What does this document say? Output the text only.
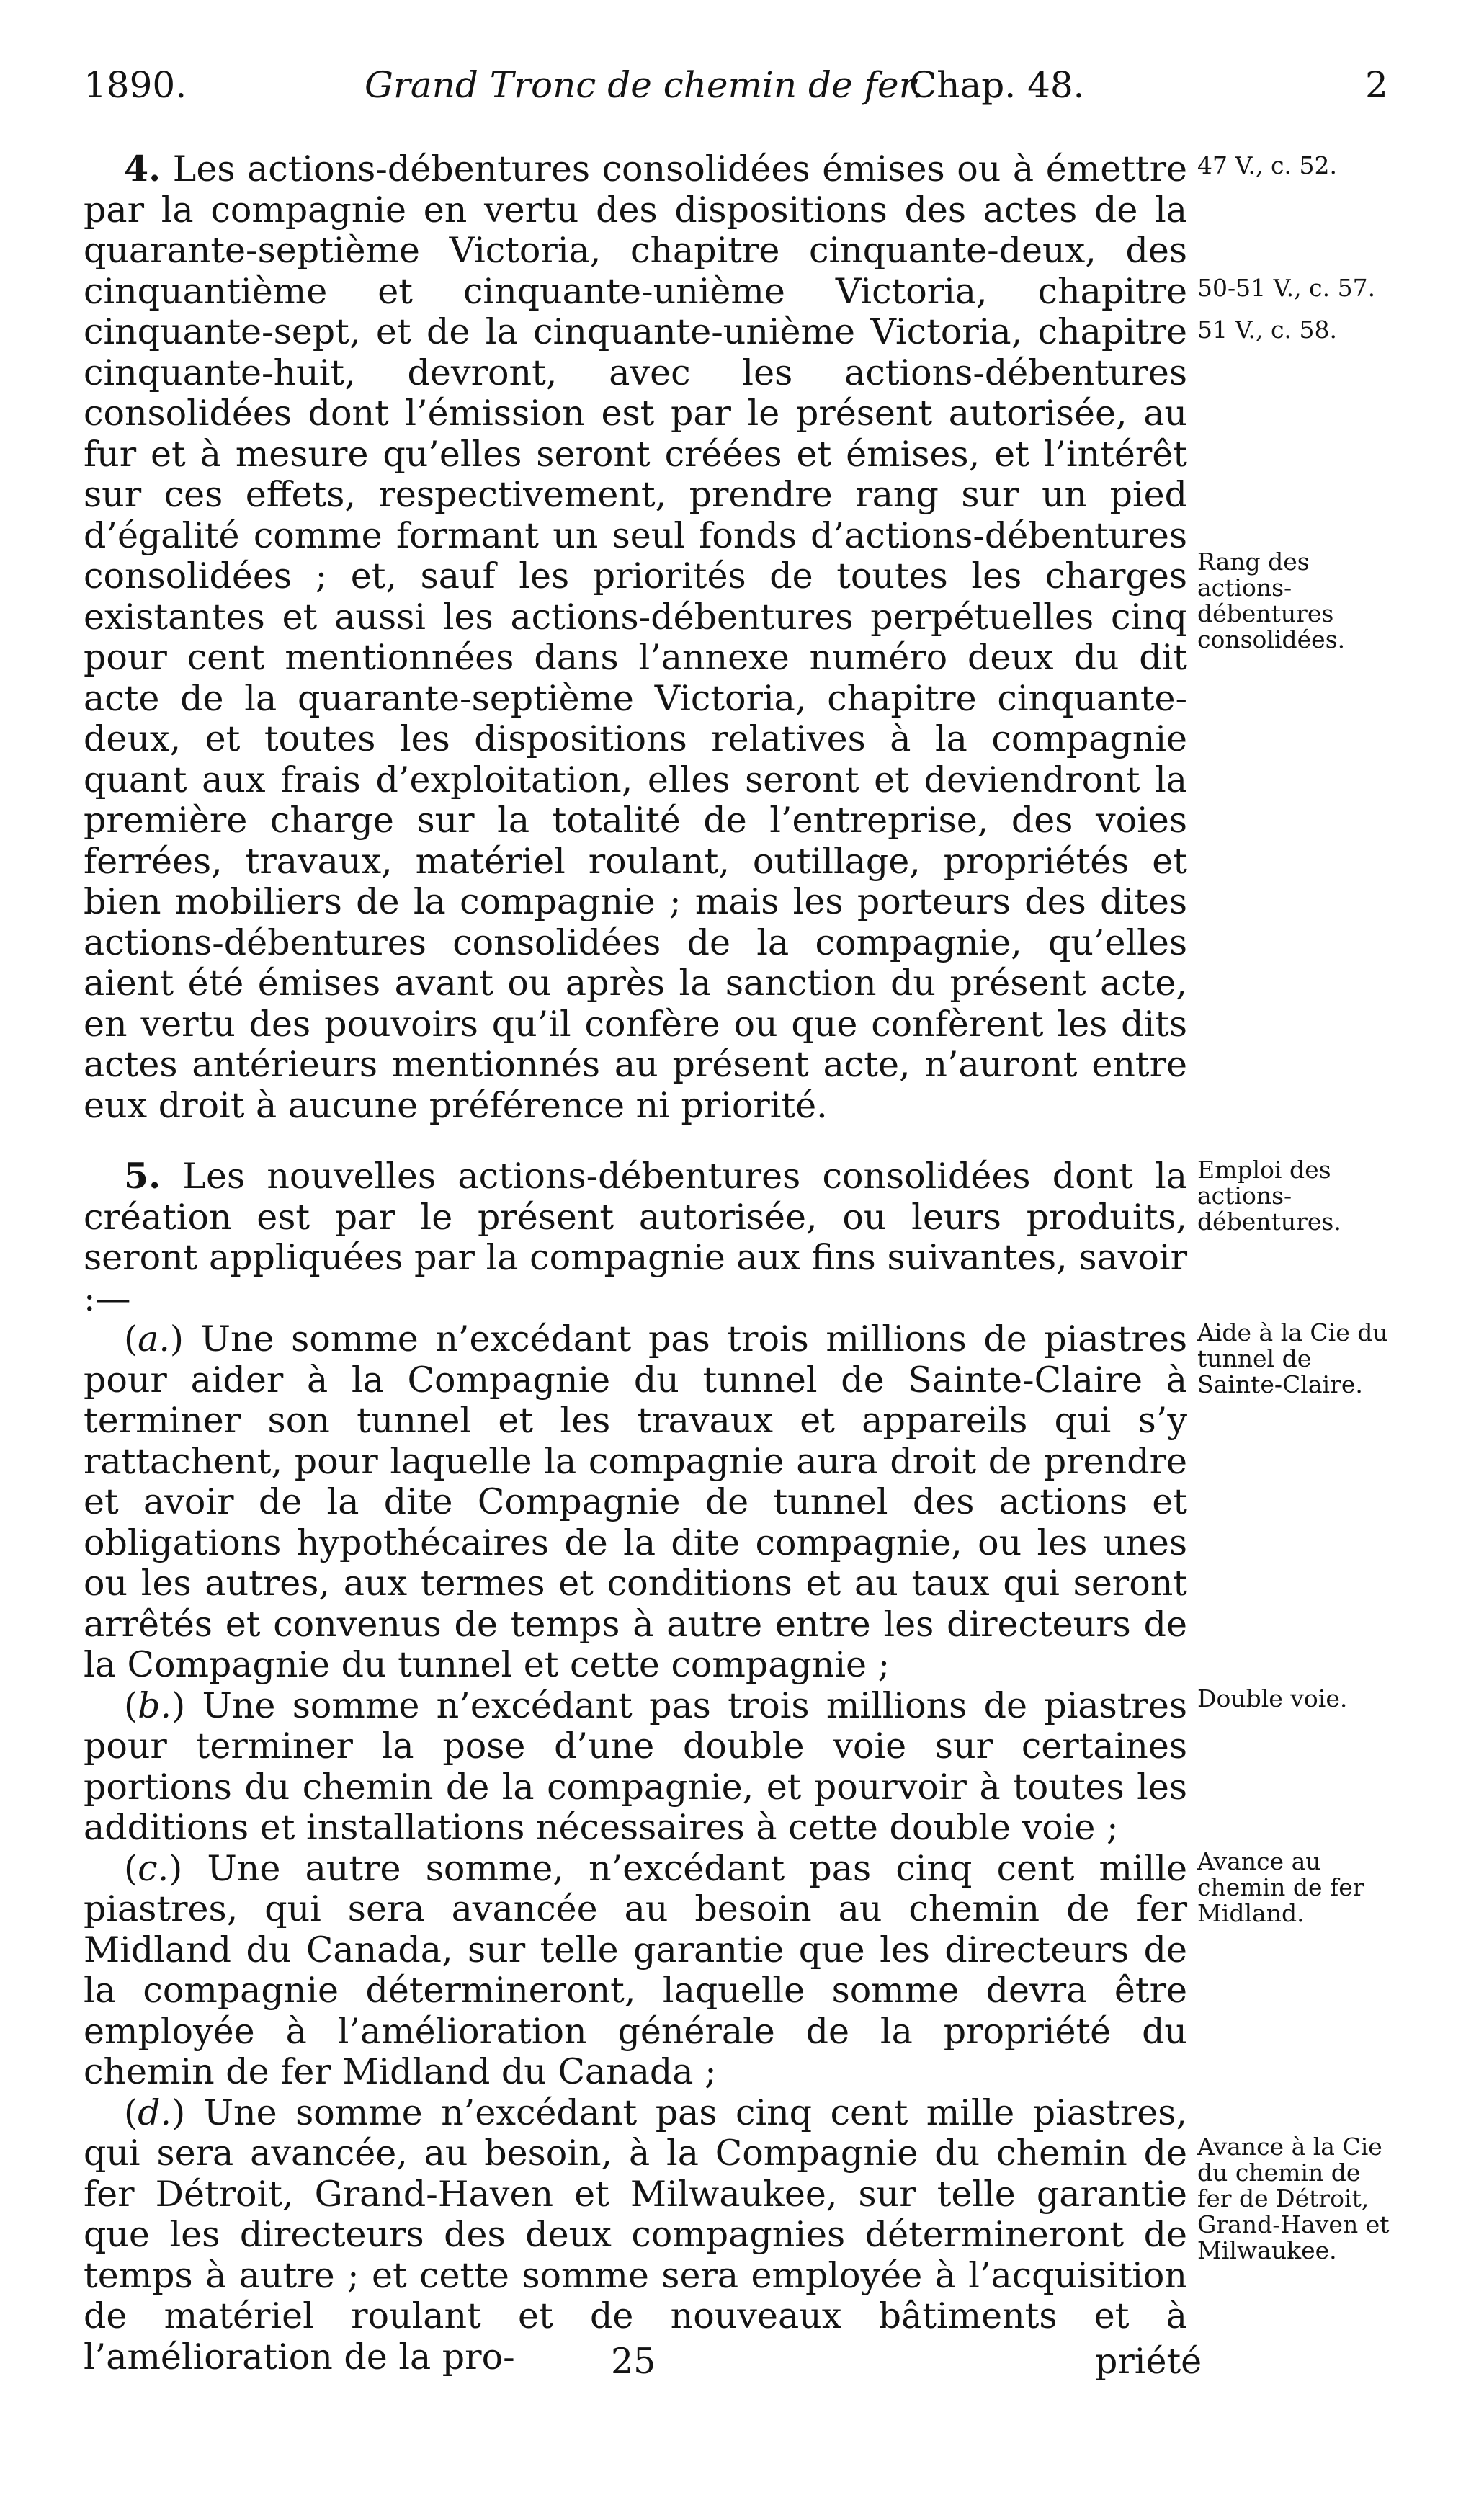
1890.	Grand Tronc de chemin de fer.
Chap. 48.	2

4. Les actions-débentures consolidées émises ou à émettre par la compagnie en vertu des dispositions des actes de la quarante-septième Victoria, chapitre cinquante-deux, des cinquantième et cinquante-unième Victoria, chapitre cinquante-sept, et de la cinquante-unième Victoria, chapitre cinquante-huit, devront, avec les actions-débentures consolidées dont l’émission est par le présent autorisée, au fur et à mesure qu’elles seront créées et émises, et l’intérêt sur ces effets, respectivement, prendre rang sur un pied d’égalité comme formant un seul fonds d’actions-débentures consolidées ; et, sauf les priorités de toutes les charges existantes et aussi les actions-débentures perpétuelles cinq pour cent mentionnées dans l’annexe numéro deux du dit acte de la quarante-septième Victoria, chapitre cinquante-deux, et toutes les dispositions relatives à la compagnie quant aux frais d’exploitation, elles seront et deviendront la première charge sur la totalité de l’entreprise, des voies ferrées, travaux, matériel roulant, outillage, propriétés et bien mobiliers de la compagnie ; mais les porteurs des dites actions-débentures consolidées de la compagnie, qu’elles aient été émises avant ou après la sanction du présent acte, en vertu des pouvoirs qu’il confère ou que confèrent les dits actes antérieurs mentionnés au présent acte, n’auront entre eux droit à aucune préférence ni priorité.

5. Les nouvelles actions-débentures consolidées dont la création est par le présent autorisée, ou leurs produits, seront appliquées par la compagnie aux fins suivantes, savoir :—

(a.) Une somme n’excédant pas trois millions de piastres pour aider à la Compagnie du tunnel de Sainte-Claire à terminer son tunnel et les travaux et appareils qui s’y rattachent, pour laquelle la compagnie aura droit de prendre et avoir de la dite Compagnie de tunnel des actions et obligations hypothécaires de la dite compagnie, ou les unes ou les autres, aux termes et conditions et au taux qui seront arrêtés et convenus de temps à autre entre les directeurs de la Compagnie du tunnel et cette compagnie ;

(b.) Une somme n’excédant pas trois millions de piastres pour terminer la pose d’une double voie sur certaines portions du chemin de la compagnie, et pourvoir à toutes les additions et installations nécessaires à cette double voie ;

(c.) Une autre somme, n’excédant pas cinq cent mille piastres, qui sera avancée au besoin au chemin de fer Midland du Canada, sur telle garantie que les directeurs de la compagnie détermineront, laquelle somme devra être employée à l’amélioration générale de la propriété du chemin de fer Midland du Canada ;

(d.) Une somme n’excédant pas cinq cent mille piastres, qui sera avancée, au besoin, à la Compagnie du chemin de fer Détroit, Grand-Haven et Milwaukee, sur telle garantie que les directeurs des deux compagnies détermineront de temps à autre ; et cette somme sera employée à l’acquisition de matériel roulant et de nouveaux bâtiments et à l’amélioration de la pro-

47 V., c. 52.
50-51 V., c. 57.
51 V., c. 58.
Rang des actions-débentures consolidées.
Emploi des actions-débentures.
Aide à la Cie du tunnel de Sainte-Claire.
Double voie.
Avance au chemin de fer Midland.
Avance à la Cie du chemin de fer de Détroit, Grand-Haven et Milwaukee.
25	priété
